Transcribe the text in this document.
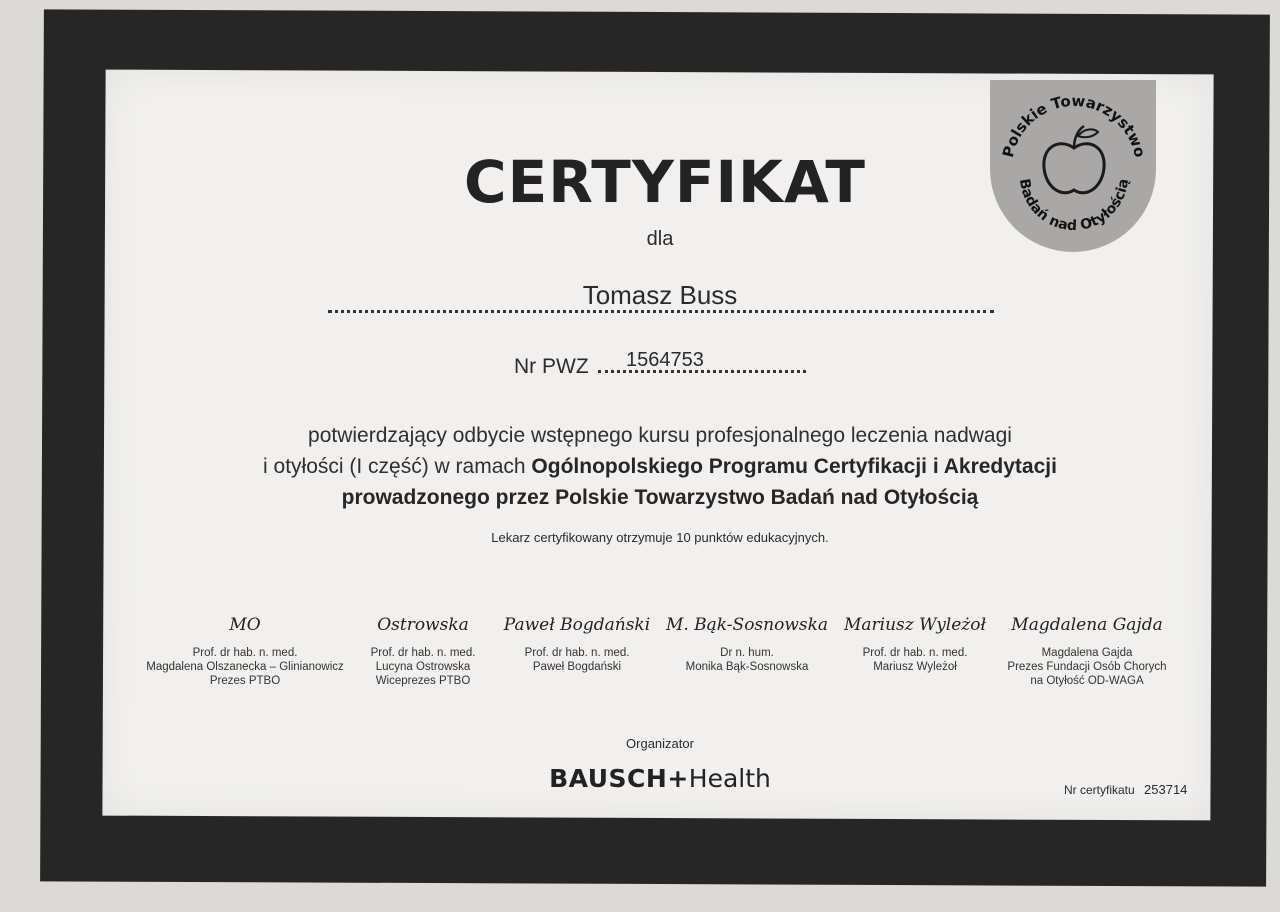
Polskie Towarzystwo
Badań nad Otyłością
CERTYFIKAT
dla
Tomasz Buss
Nr PWZ 1564753
potwierdzający odbycie wstępnego kursu profesjonalnego leczenia nadwagi
i otyłości (I część) w ramach Ogólnopolskiego Programu Certyfikacji i Akredytacji
prowadzonego przez Polskie Towarzystwo Badań nad Otyłością
Lekarz certyfikowany otrzymuje 10 punktów edukacyjnych.
MO
Prof. dr hab. n. med.
Magdalena Olszanecka – Glinianowicz
Prezes PTBO
Ostrowska
Prof. dr hab. n. med.
Lucyna Ostrowska
Wiceprezes PTBO
Paweł Bogdański
Prof. dr hab. n. med.
Paweł Bogdański
M. Bąk-Sosnowska
Dr n. hum.
Monika Bąk-Sosnowska
Mariusz Wyleżoł
Prof. dr hab. n. med.
Mariusz Wyleżoł
Magdalena Gajda
Magdalena Gajda
Prezes Fundacji Osób Chorych
na Otyłość OD-WAGA
Organizator
BAUSCH+Health	Nr certyfikatu 253714
